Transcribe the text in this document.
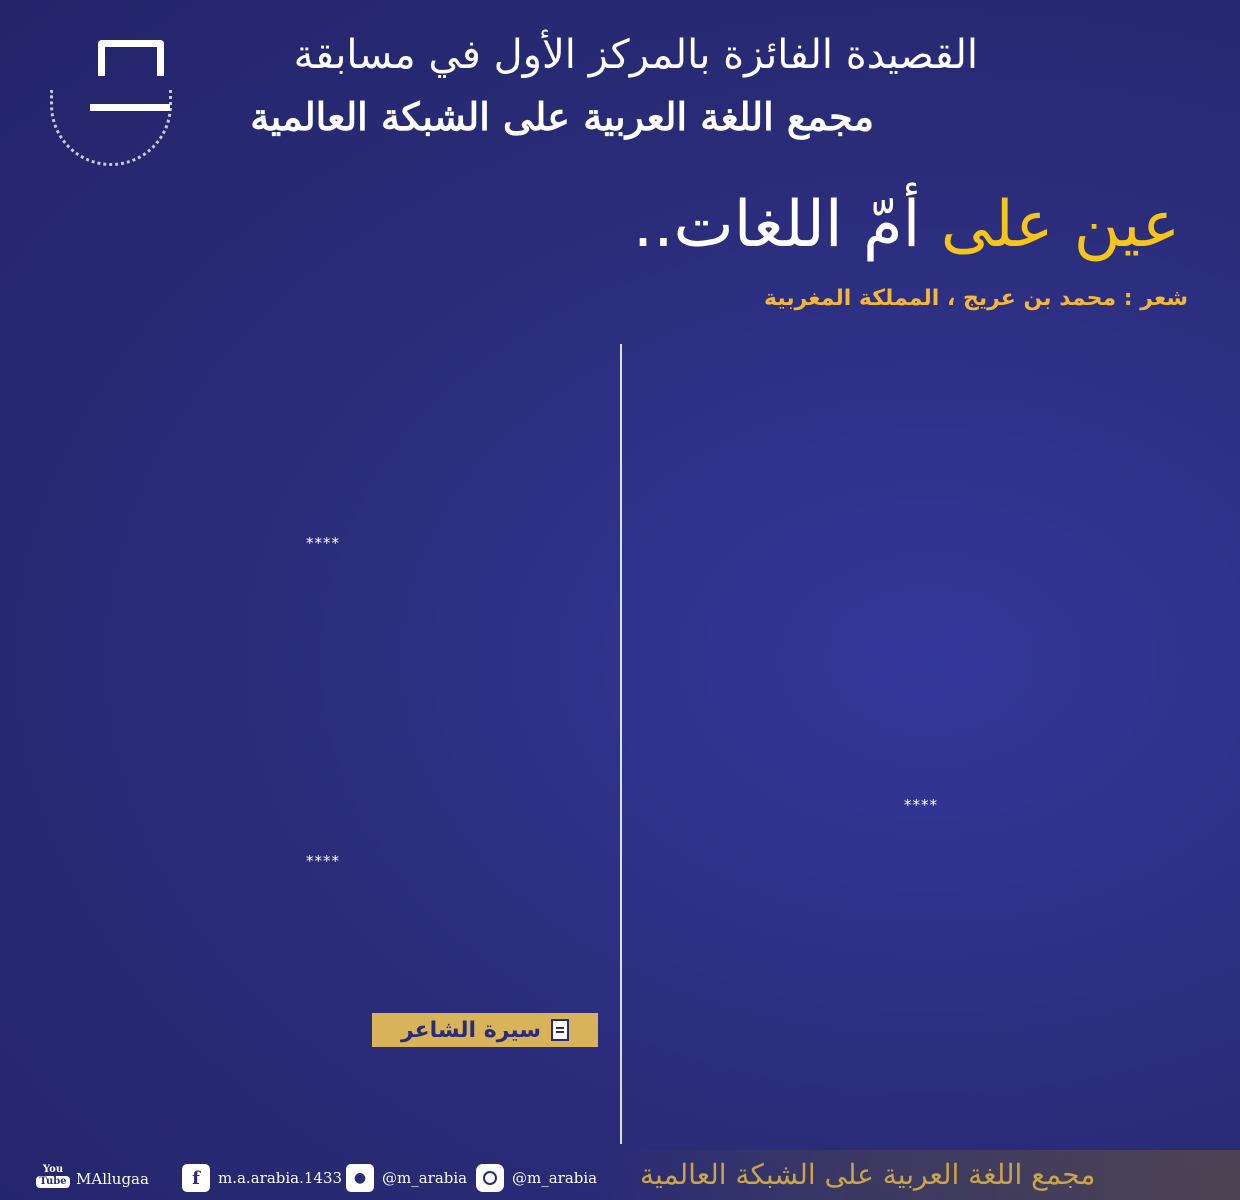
القصيدة الفائزة بالمركز الأول في مسابقة
مجمع اللغة العربية على الشبكة العالمية
عين على أمّ اللغات..
شعر : محمد بن عريج ، المملكة المغربية
****
****
****
سيرة الشاعر
مجمع اللغة العربية على الشبكة العالمية
You
Tube MAllugaa	f	m.a.arabia.1433 ●	@m_arabia	@m_arabia
